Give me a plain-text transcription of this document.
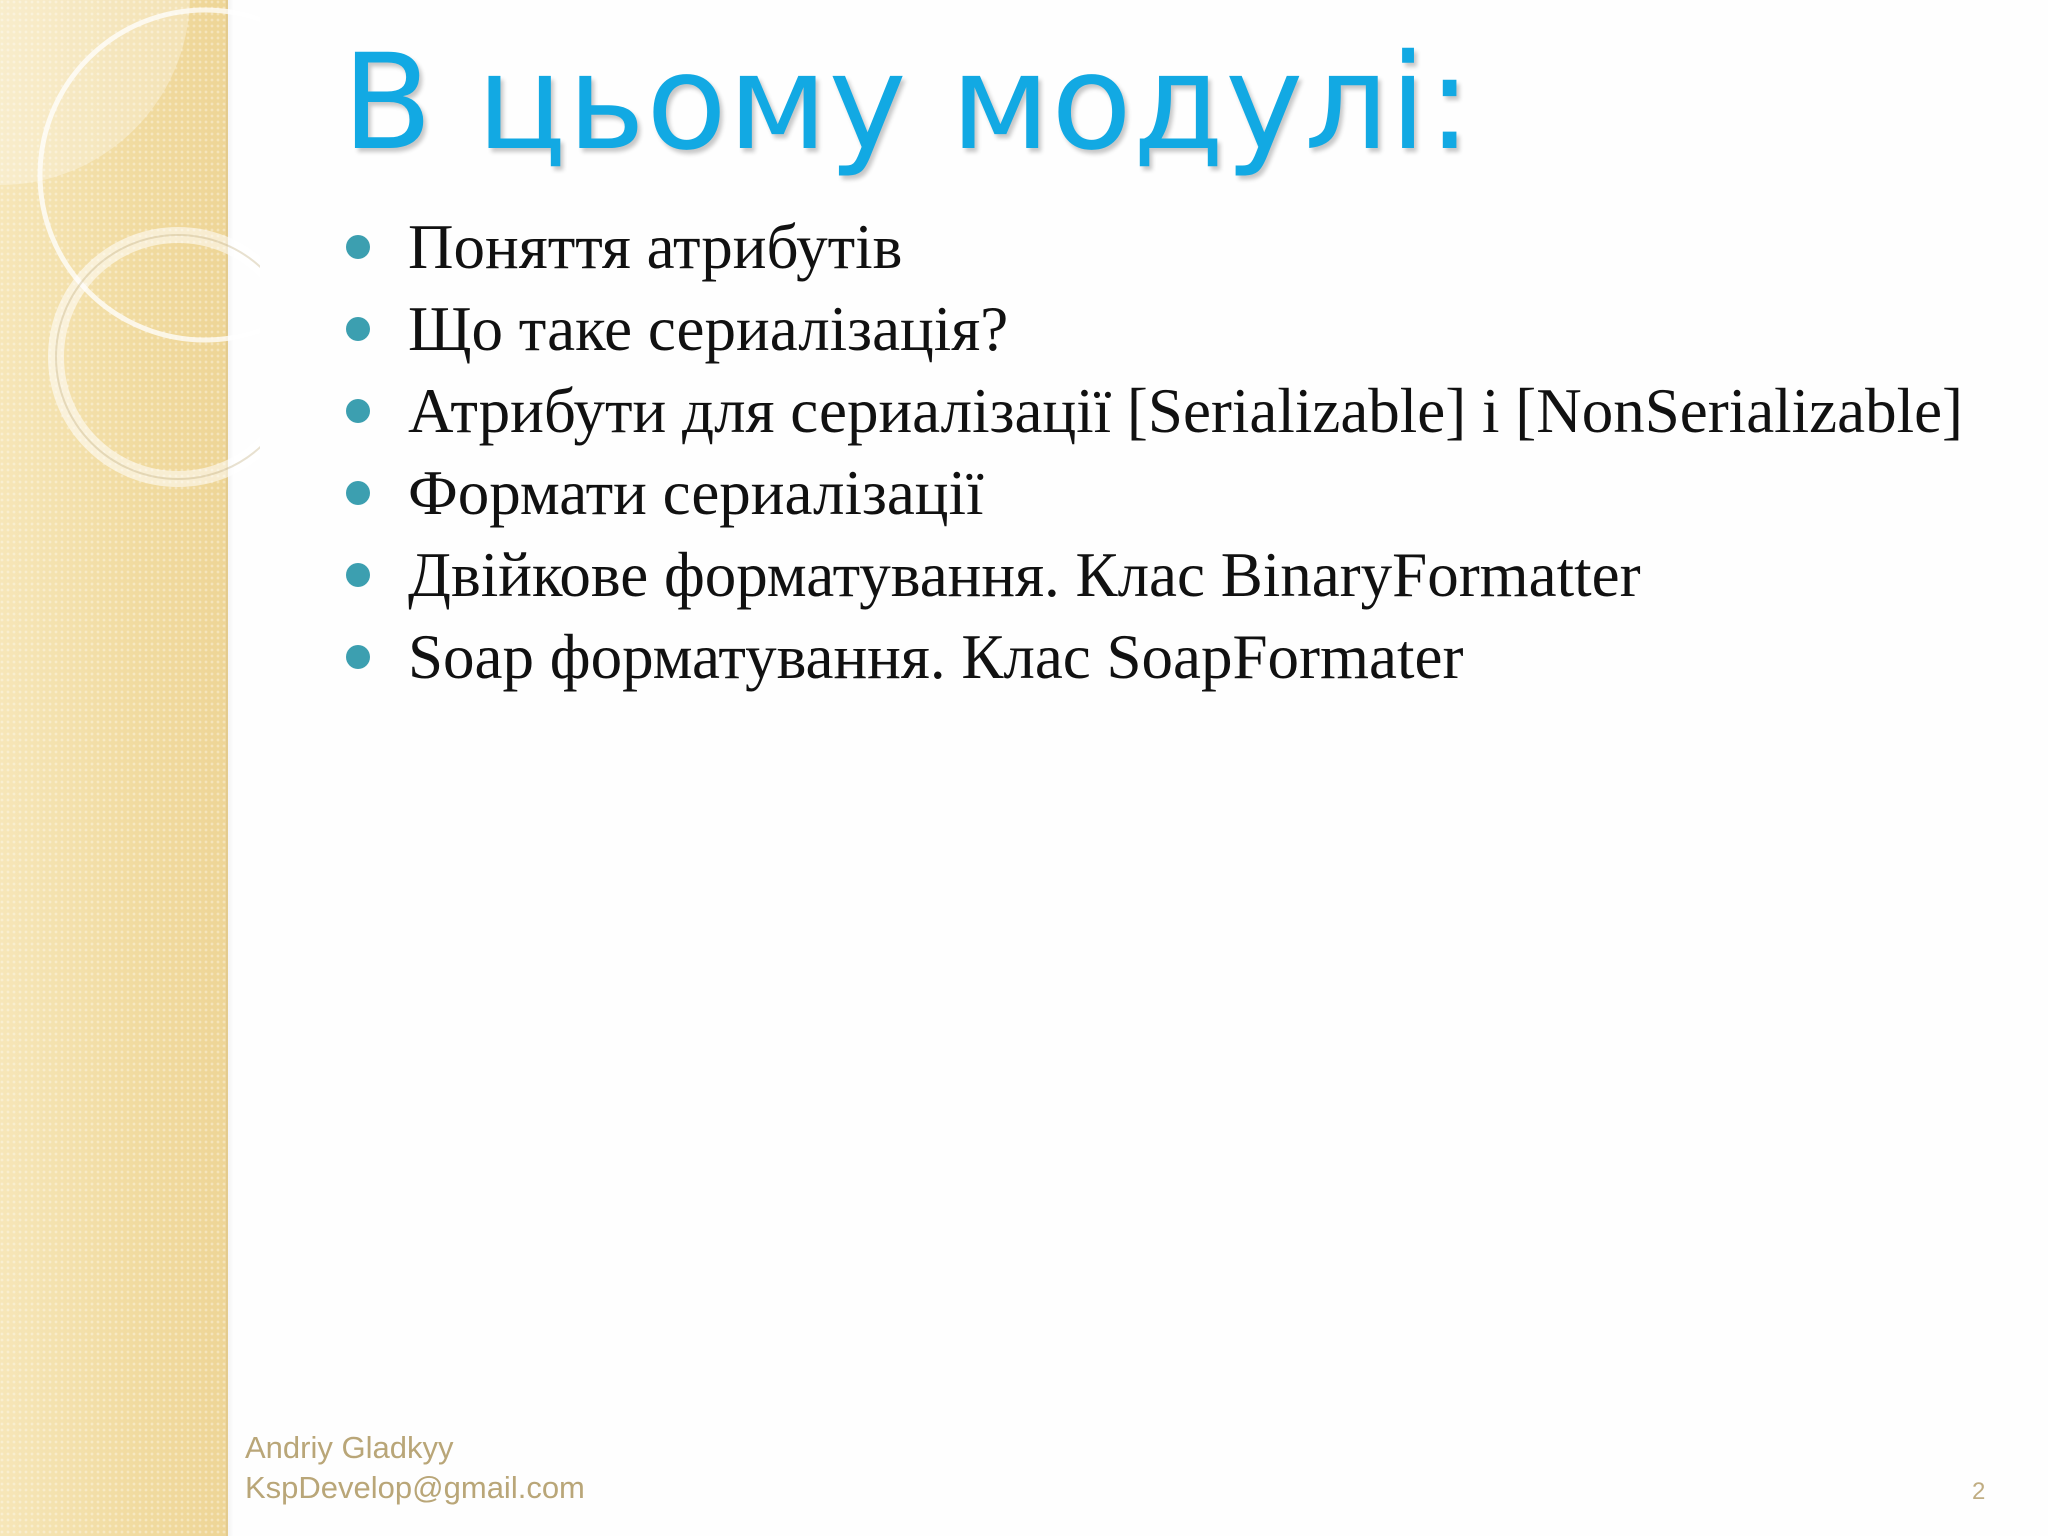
В цьому модулі:
Поняття атрибутів
Що таке сериалізація?
Атрибути для сериалізації [Serializable] і [NonSerializable]
Формати сериалізації
Двійкове форматування. Клас BinaryFormatter
Soap форматування. Клас SoapFormater
Andriy Gladkyy
KspDevelop@gmail.com	2
